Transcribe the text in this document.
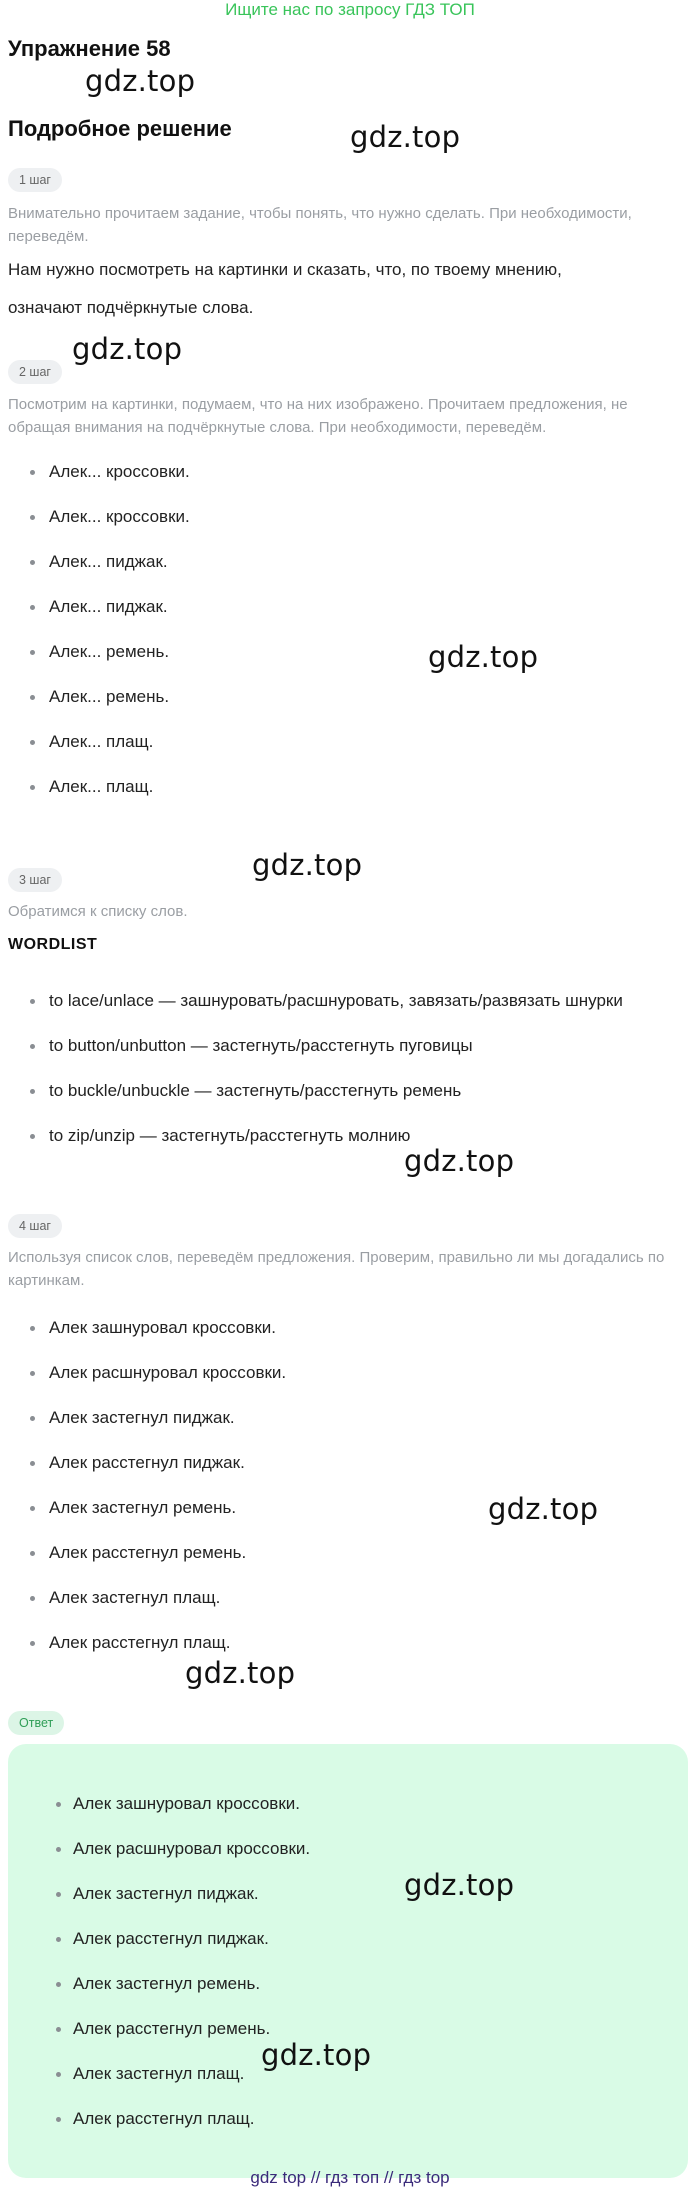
Ищите нас по запросу ГДЗ ТОП
Упражнение 58
gdz.top
Подробное решение	gdz.top
1 шаг
Внимательно прочитаем задание, чтобы понять, что нужно сделать. При необходимости, переведём.
Нам нужно посмотреть на картинки и сказать, что, по твоему мнению,
означают подчёркнутые слова.
gdz.top
2 шаг
Посмотрим на картинки, подумаем, что на них изображено. Прочитаем предложения, не обращая внимания на подчёркнутые слова. При необходимости, переведём.
Алек... кроссовки.
Алек... кроссовки.
Алек... пиджак.
Алек... пиджак.
Алек... ремень.
Алек... ремень.
Алек... плащ.
Алек... плащ.
gdz.top
gdz.top
3 шаг
Обратимся к списку слов.
WORDLIST
to lace/unlace — зашнуровать/расшнуровать, завязать/развязать шнурки
to button/unbutton — застегнуть/расстегнуть пуговицы
to buckle/unbuckle — застегнуть/расстегнуть ремень
to zip/unzip — застегнуть/расстегнуть молнию
gdz.top
4 шаг
Используя список слов, переведём предложения. Проверим, правильно ли мы догадались по картинкам.
Алек зашнуровал кроссовки.
Алек расшнуровал кроссовки.
Алек застегнул пиджак.
Алек расстегнул пиджак.
Алек застегнул ремень.
Алек расстегнул ремень.
Алек застегнул плащ.
Алек расстегнул плащ.
gdz.top
gdz.top
Ответ
Алек зашнуровал кроссовки.
Алек расшнуровал кроссовки.
Алек застегнул пиджак.
Алек расстегнул пиджак.
Алек застегнул ремень.
Алек расстегнул ремень.
Алек застегнул плащ.
Алек расстегнул плащ.
gdz.top
gdz.top
gdz top // гдз топ // гдз top
